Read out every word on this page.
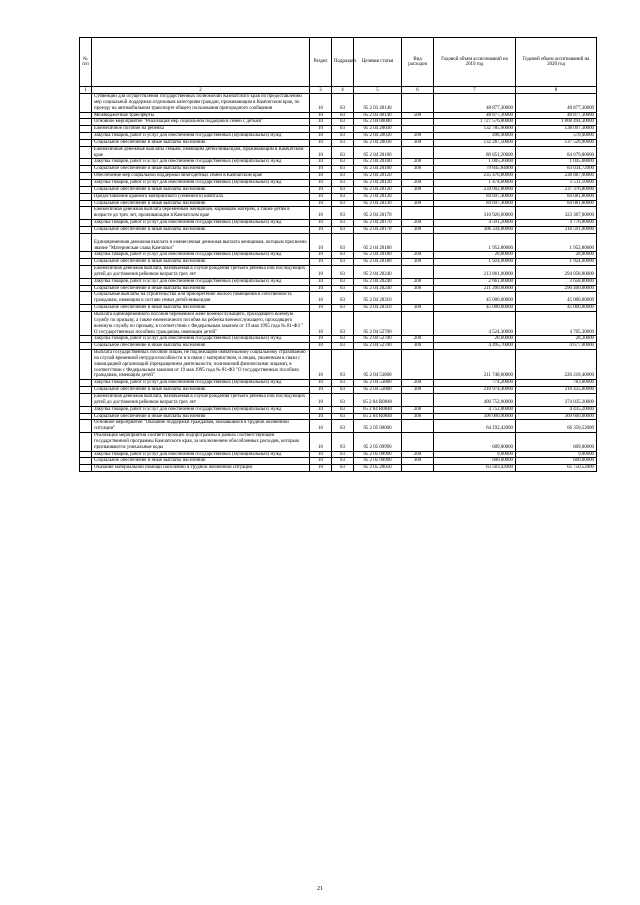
№ п/п		Раздел	Подраздел	Целевая статья	Вид расходов	Годовой объем ассигнований на 2019 год	Годовой объем ассигнований на 2020 год
1	2	3	4	5	6	7	8
	Субвенции для осуществления государственных полномочий Камчатского края по предоставлению мер социальной поддержки отдельным категориям граждан, проживающим в Камчатском крае, по проезду на автомобильном транспорте общего пользования пригородного сообщения	10	03	05 2 03 40140		48 877,30000	48 877,30000
	Межбюджетные трансферты	10	03	05 2 03 40140	500	48 877,30000	48 877,30000
	Основное мероприятие "Реализация мер социальной поддержки семей с детьми"	10	03	05 2 04 00000		1 727 576,00000	1 808 494,30000
	Ежемесячное пособие на ребенка	10	03	05 2 04 20030		132 785,90000	138 097,30000
	Закупка товаров, работ и услуг для обеспечения государственных (муниципальных) нужд	10	03	05 2 04 20030	200	498,40000	570,40000
	Социальное обеспечение и иные выплаты населению	10	03	05 2 04 20030	300	132 287,50000	137 526,90000
	Ежемесячные денежные выплаты семьям, имеющим детей-инвалидов, проживающим в Камчатском крае	10	03	05 2 04 20100		80 851,20000	84 079,80000
	Закупка товаров, работ и услуг для обеспечения государственных (муниципальных) нужд	10	03	05 2 04 20100	200	1 005,36000	1 045,08000
	Социальное обеспечение и иные выплаты населению	10	03	05 2 04 20100	300	79 845,84000	83 034,72000
	Обеспечение мер социальной поддержки многодетных семей в Камчатском крае	10	03	05 2 04 20120		235 476,80000	238 887,90000
	Закупка товаров, работ и услуг для обеспечения государственных (муниципальных) нужд	10	03	05 2 04 20120	200	1 474,00000	1 511,10000
	Социальное обеспечение и иные выплаты населению	10	03	05 2 04 20120	300	234 002,80000	237 376,80000
	Предоставление краевого материнского (семейного) капитала	10	03	05 2 04 20130		84 697,40000	84 081,80000
	Социальное обеспечение и иные выплаты населению	10	03	05 2 04 20130	300	84 697,40000	84 081,80000
	Ежемесячная денежная выплата беременным женщинам, кормящим матерям, а также детям в возрасте до трех лет, проживающим в Камчатском крае	10	03	05 2 04 20170		310 926,00000	323 367,00000
	Закупка товаров, работ и услуг для обеспечения государственных (муниципальных) нужд	10	03	05 2 04 20170	200	4 591,20000	4 776,00000
	Социальное обеспечение и иные выплаты населению	10	03	05 2 04 20170	300	306 334,80000	318 591,00000
	Единовременная денежная выплата и ежемесячная денежная выплата женщинам, которым присвоено звание "Материнская слава Камчатки"	10	03	05 2 04 20180		1 952,80000	1 952,80000
	Закупка товаров, работ и услуг для обеспечения государственных (муниципальных) нужд	10	03	05 2 04 20180	200	28,80000	28,80000
	Социальное обеспечение и иные выплаты населению	10	03	05 2 04 20180	300	1 924,00000	1 924,00000
	Ежемесячная денежная выплата, назначаемая в случае рождения третьего ребенка или последующих детей до достижения ребенком возраста трех лет	10	03	05 2 04 20240		213 861,00000	294 058,80000
	Закупка товаров, работ и услуг для обеспечения государственных (муниципальных) нужд	10	03	05 2 04 20240	200	2 661,00000	3 658,80000
	Социальное обеспечение и иные выплаты населению	10	03	05 2 04 20240	300	211 200,00000	290 400,00000
	Социальные выплаты на строительство или приобретение жилого помещения в собственность гражданам, имеющим в составе семьи детей-инвалидов	10	03	05 2 04 20310		45 000,00000	45 000,00000
	Социальное обеспечение и иные выплаты населению	10	03	05 2 04 20310	300	45 000,00000	45 000,00000
	Выплата единовременного пособия беременной жене военнослужащего, проходящего военную службу по призыву, а также ежемесячного пособия на ребенка военнослужащего, проходящего военную службу по призыву, в соответствии с Федеральным законом от 19 мая 1995 года № 81-ФЗ " О государственных пособиях гражданам, имеющим детей"	10	03	05 2 04 52700		4 524,30000	4 705,30000
	Закупка товаров, работ и услуг для обеспечения государственных (муниципальных) нужд	10	03	05 2 04 52700	200	28,60000	28,30000
	Социальное обеспечение и иные выплаты населению	10	03	05 2 04 52700	300	4 495,70000	4 677,00000
	Выплата государственных пособий лицам, не подлежащим обязательному социальному страхованию на случай временной нетрудоспособности и в связи с материнством, и лицам, уволенным в связи с ликвидацией организаций (прекращением деятельности, полномочий физическими лицами), в соответствии с Федеральным законом от 19 мая 1995 года № 81-ФЗ "О государственных пособиях гражданам, имеющим детей"	10	03	05 2 04 53800		211 748,60000	220 218,40000
	Закупка товаров, работ и услуг для обеспечения государственных (муниципальных) нужд	10	03	05 2 04 53800	200	774,20000	783,00000
	Социальное обеспечение и иные выплаты населению	10	03	05 2 04 53800	300	210 974,40000	219 435,00000
	Ежемесячная денежная выплата, назначаемая в случае рождения третьего ребенка или последующих детей до достижения ребенком возраста трех лет	10	03	05 2 04 R0840		400 752,00000	374 035,20000
	Закупка товаров, работ и услуг для обеспечения государственных (муниципальных) нужд	10	03	05 2 04 R0840	200	4 752,00000	4 435,20000
	Социальное обеспечение и иные выплаты населению	10	03	05 2 04 R0840	300	396 000,00000	369 600,00000
	Основное мероприятие "Оказание поддержки гражданам, оказавшимся в трудной жизненной ситуации"	10	03	05 2 05 00000		64 192,42000	66 359,52000
	Реализация мероприятий соответствующей подпрограммы в рамках соответствующей государственной программы Камчатского края, за исключением обособленных расходов, которым присваиваются уникальные коды	10	03	05 2 05 09990		609,00000	609,00000
	Закупка товаров, работ и услуг для обеспечения государственных (муниципальных) нужд	10	03	05 2 05 09990	200	9,00000	9,00000
	Социальное обеспечение и иные выплаты населению	10	03	05 2 05 09990	300	600,00000	600,00000
	Оказание материальной помощи населению в трудной жизненной ситуации	10	03	05 2 05 20050		63 583,42000	65 750,52000
21
